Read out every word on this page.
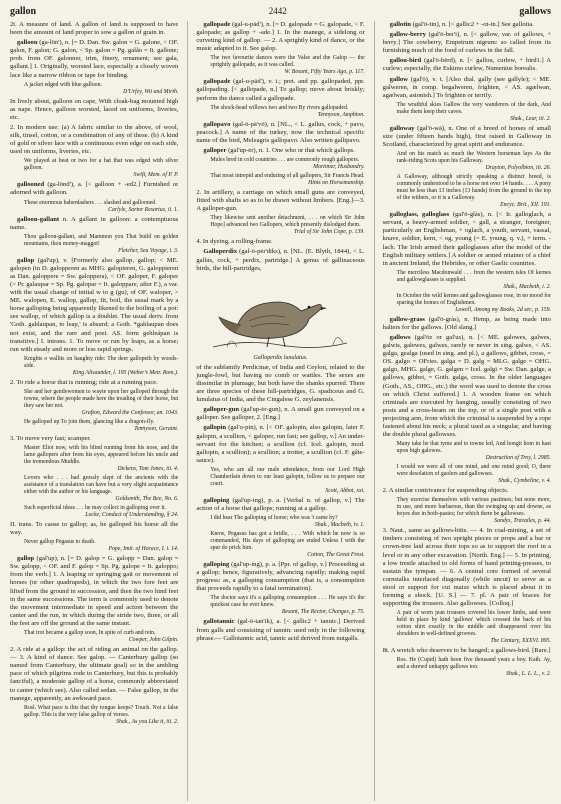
gallon	2442	gallows

2t. A measure of land. A gallon of land is supposed to have been the amount of land proper to sow a gallon of grain in.

galloon (ga-lön'), n. [= D. Dan. Sw. galon = G. galone, < OF. galon, F. galon; G. galon, < Sp. galon = Pg. galão = It. gallone; prob. from OF. galonner, trim, finery, ornament; see gala, gallant.] 1. Originally, worsted lace, especially a closely woven lace like a narrow ribbon or tape for binding.

A jacket edged with blue galloon.
D'Urfey, Wit and Mirth.

In lively about, galloon on cape, With cloak-bag mounted high as nape. Hence, galloon worsted, laced on uniforms, liveries, etc.

2. In modern use: (a) A fabric similar to the above, of wool, silk, tinsel, cotton, or a combination of any of these. (b) A kind of gold or silver lace with a continuous even edge on each side, used on uniforms, liveries, etc.

We played at beat or two for a hat that was edged with silver galloon.
Swift, Mem. of P. P.

gallooned (ga-lönd'), a. [< galloon + -ed2.] Furnished or adorned with galloon.

These enormous haberdashers . . . slashed and gallooned.
Carlyle, Sartor Resartus, ii. 1.

galloon-gallant n. A gallant in galloon: a contemptuous name.

Thou galloon-gallant, and Mammon you That build on golden mountains, thou money-maggot!
Fletcher, Sea Voyage, i. 3.

gallop (gal'up), v. [Formerly also gallop, gallop; < ME. galopen (in D. galopperen as MHG. galopieren, G. galoppieren as Dan. galoppere = Sw. galoppera), < OF. galoper, F. galoper (> Pr. galaupar = Sp. Pg. galopar = It. galoppare, after F.), a var. with the usual change of initial w to g (gu), of OF. waloper, > ME. walopen, E. wallop, gallop, fit, boil, the usual mark by a horse galloping being apparently likened to the boiling of a pot: see wallop, of which gallop is a doublet. The usual deriv. from 'Goth. gahlaupan, to leap,' is absurd; a Goth. *gahlaupan does not exist, and the rare and poet. AS. form gehleápan is transitive.] I. intrans. 1. To move or run by leaps, as a horse; run with steady and more or less rapid springs.

Knights o wallits on haughty ride: The deer gallopeth by woods-side.
King Alisaunder, l. 195 (Weber's Metr. Rom.).

2. To ride a horse that is running; ride at a running pace.

She and her gentlewomen to wayte upon her galloped through the towne, where the people made here the treading of their horse, but they saw her not.
Grafton, Edward the Confessor, an. 1043.
He galloped up To join them, glancing like a dragon-fly.
Tennyson, Geraint.

3. To move very fast; scamper.

Master Eliot now, with his blind running from his nose, and the lame gallopers after from his eyes, appeared before his uncle and the tremendous Muddle.
Dickens, Tom Jones, iii. 4.
Lovers who . . . had grossly slept of the ancients with the assistance of a translation can have but a very slight acquaintance either with the author or his language.
Goldsmith, The Bee, No. 6.
Such superficial ideas . . . he may collect in galloping over it.
Locke, Conduct of Understanding, § 24.

II. trans. To cause to gallop; as, he galloped his horse all the way.

Never gallop Pegasus to death.
Pope, Imit. of Horace, I. i. 14.

gallop (gal'up), n. [= D. galop = G. galopp = Dan. galop = Sw. galopp, < OF. and F. galop = Sp. Pg. galope = It. galoppo; from the verb.] 1. A leaping or springing gait or movement of horses (or other quadrupeds), in which the two fore feet are lifted from the ground in succession, and then the two hind feet in the same successions. The term is commonly used to denote the movement intermediate in speed and action between the canter and the run, in which during the stride two, three, or all the feet are off the ground at the same instant.

That trot became a gallop soon, In spite of curb and rein.
Cowper, John Gilpin.

2. A ride at a gallop: the act of riding an animal on the gallop. — 3. A kind of dance. See galop. — Canterbury gallop (so named from Canterbury, the ultimate goal) so in the ambling pace of which pilgrims rode to Canterbury, but this is probably fanciful), a moderate gallop of a horse, commonly abbreviated to canter (which see). Also called sedan. — False gallop, in the manege, apparently, an awkward pace.

Rosl. What pace is this that thy tongue keeps? Touch. Not a false gallop. This is the very false gallop of verses.
Shak., As you Like it, iii. 2.

gallopade (gal-u-pād'), n. [= D. galopade = G. galopade, < F. galopade; as gallop + -ade.] 1. In the manege, a sidelong or curveting kind of gallop. — 2. A sprightly kind of dance, or the music adapted to it. See galop.

The two favourite dances were the Valse and the Galop — the sprightly gallopade, as it was called.
W. Besant, Fifty Years Ago, p. 117.

gallopade (gal-u-pād'), v. i.; pret. and pp. gallopaded, ppr. gallopading. [< gallopade, n.] To gallop; move about briskly; perform the dance called a gallopade.

The shock-head willows two and two By rivers gallopaded.
Tennyson, Amphion.

gallopavo (gal-ō-pā'vō), n. [NL., < L. gallus, cock, + pavo, peacock.] A name of the turkey, now the technical specific name of the bird, Meleagris gallopavo. Also written gallipavo.

galloper (gal'up-ėr), n. 1. One who or that which gallops.

Mules bred in cold countries . . . are commonly rough gallopers.
Mortimer, Husbandry.
That most intrepid and enduring of all gallopers, Sir Francis Head.
Hints on Horsemanship.

2. In artillery, a carriage on which small guns are conveyed, fitted with shafts so as to be drawn without limbers. [Eng.]—3. A galloper-gun.

They likewise sent another detachment, . . . on which Sir John Hope] advanced two Gallopers, which presently dislodged them.
Trial of Sir John Cope, p. 139.

4. In dyeing, a rolling-frame.

Galloperdix (gal-ō-pėr'diks), n. [NL. (E. Blyth, 1844), < L. gallus, cock, + perdix, partridge.] A genus of gallinaceous birds, the hill-partridges,

Galloperdix lunulatus.

of the subfamily Perdicinæ, of India and Ceylon, related to the jungle-fowl, but having no comb or wattles. The sexes are dissimilar in plumage, but both have the shanks spurred. There are three species of these hill-partridges, G. spadiceus and G. lunulatus of India, and the Cingalese G. zeylanensis.

galloper-gun (gal'up-ėr-gun), n. A small gun conveyed on a galloper. See galloper, 2. [Eng.]

gallopin (gal'ọ-pin), n. [< OF. galopin, also galopin, later F. galopin, a scullion, < galoper, run fast; see gallop, v.] An under-servant for the kitchen; a scullion (cf. Icel. galopin, mod. gallopin, a scullion); a scullion; a trotter, a scullion (cf. F. gâte-sauce).

Yes, who are all our male attendance, from our Lord High Chamberlain down to our least galopin, follow us to prepare our court.
Scott, Abbot, xxi.

galloping (gal'up-ing), p. a. [Verbal n. of gallop, v.] The action of a horse that gallops; running at a gallop.

I did hear The galloping of horse; who was 't came by?
Shak., Macbeth, iv. 1.
Know, Pegasus has got a bridle, . . . With which he now is so commanded, His days of galloping are ended Unless I with the spur do prick him.
Cotton, The Great Frost.

galloping (gal'up-ing), p. a. [Ppr. of gallop, v.] Proceeding at a gallop; hence, figuratively, advancing rapidly; making rapid progress: as, a galloping consumption (that is, a consumption that proceeds rapidly to a fatal termination).

The doctor says it's a galloping consumption . . . He says it's the quickest case he ever knew.
Besant, The Rector, Changes, p. 75.

gallotannic (gal-ō-tan'ik), a. [< gallic2 + tannic.] Derived from galls and consisting of tannin: used only in the following phrase.— Gallotannic acid, tannic acid derived from nutgalls.

gallotin (gal'ō-tin), n. [< gallic2 + -ot-in.] See gallotia.

gallow-berry (gal'ō-ber'i), n. [< gallow, var. of gallows, + berry.] The cowberry, Empetrum nigrum: so called from its furnishing much of the food of curlews in the fall.

gallou-bird (gal'ō-bėrd), n. [< gallou, curlew, + bird1.] A curlew; especially, the Eskimo curlew, Numenius borealis.

gallow (gal'ō), v. t. [Also dial. gally (see gallyle); < ME. galweren, in comp. begalweren, frighten, < AS. agælwan, agælwan, astonish.] To frighten or terrify.

The wrathful skies Gallow the very wanderers of the dark, And make them keep their caves.
Shak., Lear, iii. 2.

galloway (gal'ō-wā), n. One of a breed of horses of small size (under fifteen hands high), first raised in Galloway in Scotland, characterized by great spirit and endurance.

And on his match as much the Western horseman lays As the rank-riding Scots upon his Galloway.
Drayton, Polyolbion, iii. 26.
A Galloway, although strictly speaking a distinct breed, is commonly understood to be a horse not over 14 hands. . . . A pony must be less than 13 inches (13 hands) from the ground to the top of the withers, or it is a Galloway.
Encyc. Brit., XII. 191.

galloglass, galloglass (gal'ō-glàs), n. [< Ir. galloglach, a servant, a heavy-armed soldier, < gall, a stranger, foreigner, particularly an Englishman, + oglach, a youth, servant, vassal, knave, soldier, kern, < og, young (= E. young, q. v.), + term. -lach. The Irish armed their galloglasses after the model of the English military settlers.] A soldier or armed retainer of a chief in ancient Ireland, the Hebrides, or other Gaelic countries.

The merciless Macdonwald . . . from the western isles Of kernes and gallowglasses is supplied.
Shak., Macbeth, i. 2.
In October the wild kernes and gallowglasses rose, in no mood for sparing the homes of Englishmen.
Lowell, Among my Books, 2d ser., p. 159.

gallow-grass (gal'ō-gràs), n. Hemp, as being made into halters for the gallows. [Old slang.]

gallows (gal'ōz or gal'us), n. [< ME. galowes, galwes, galwis, galewes, galwes, rarely or never in sing. galwe, < AS. galga, gealga (used in sing. and pl.), a gallows, gibbet, cross, = OS. galgo = OFries. galga = D. galg = MLG. galge = OHG. galgo, MHG. galge, G. galgen = Icel. galgi = Sw. Dan. galge, a gallows, gibbet, = Goth. galga, cross. In the older languages (Goth., AS., OHG., etc.) the word was used to denote the cross on which Christ suffered.] 1. A wooden frame on which criminals are executed by hanging, usually consisting of two posts and a cross-beam on the top, or of a single post with a projecting arm, from which the criminal is suspended by a rope fastened about his neck; a plural used as a singular, and having the double plural gallowses.

Many take he that tyme and to towne led, And hongit hom in hast upon high galowes.
Destruction of Troy, l. 2985.
I would we were all of one mind, and one mind good; O, there were desolation of gaolers and gallowses.
Shak., Cymbeline, v. 4.

2. A similar contrivance for suspending objects.

They exercise themselves with various pastimes; but none more, in use, and more barbarous, than the swinging up and downe, as boyes doe in both-pastes; for which there be gallowses.
Sandys, Travailes, p. 44.

3. Naut., same as gallows-bitts. — 4. In coal-mining, a set of timbers consisting of two upright pieces or props and a bar or crown-tree laid across their tops so as to support the roof in a level or in any other excavation. [North. Eng.] — 5. In printing, a low trestle attached to old forms of hand printing-presses, to sustain the tympan. — 6. A central core formed of several cornstalks interlaced diagonally (while uncut) to serve as a stool or support for cut maize which is placed about it in forming a shock. [U. S.] — 7. pl. A pair of braces for supporting the trousers. Also gallowses. [Colloq.]

A pair of worn jean trousers covered his lower limbs, and were held in place by kind 'gallows' which crossed the back of his cotton shirt exactly in the middle and disappeared over his shoulders in well-defined grooves.
The Century, XXXVI. 895.

8t. A wretch who deserves to be hanged; a gallows-bird. [Rare.]

Ros. He (Cupid) hath been five thousand years a boy. Kath. Ay, and a shrewd unhappy gallows too.
Shak., L. L. L., v. 2.
